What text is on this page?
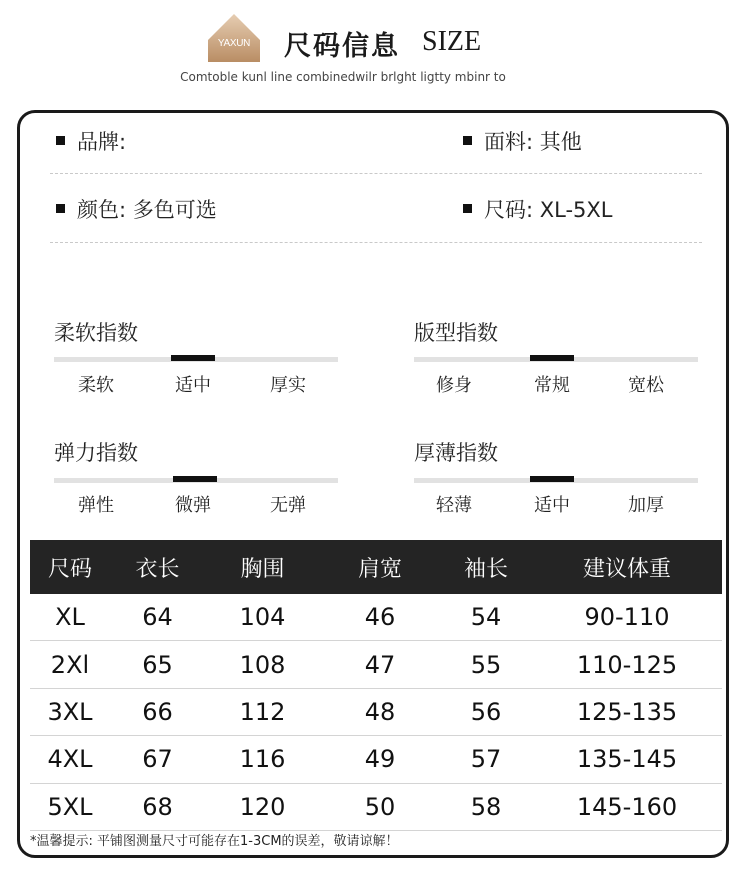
YAXUN	尺码信息 SIZE
Comtoble kunl line combinedwilr brlght ligtty mbinr to
品牌:	面料: 其他
颜色: 多色可选	尺码: XL-5XL
柔软指数
柔软	适中	厚实
版型指数
修身	常规	宽松
弹力指数
弹性	微弹	无弹
厚薄指数
轻薄	适中	加厚
尺码	衣长	胸围	肩宽	袖长	建议体重
XL	64	104	46	54	90-110
2Xl	65	108	47	55	110-125
3XL	66	112	48	56	125-135
4XL	67	116	49	57	135-145
5XL	68	120	50	58	145-160
*温馨提示: 平铺图测量尺寸可能存在1-3CM的误差，敬请谅解！
